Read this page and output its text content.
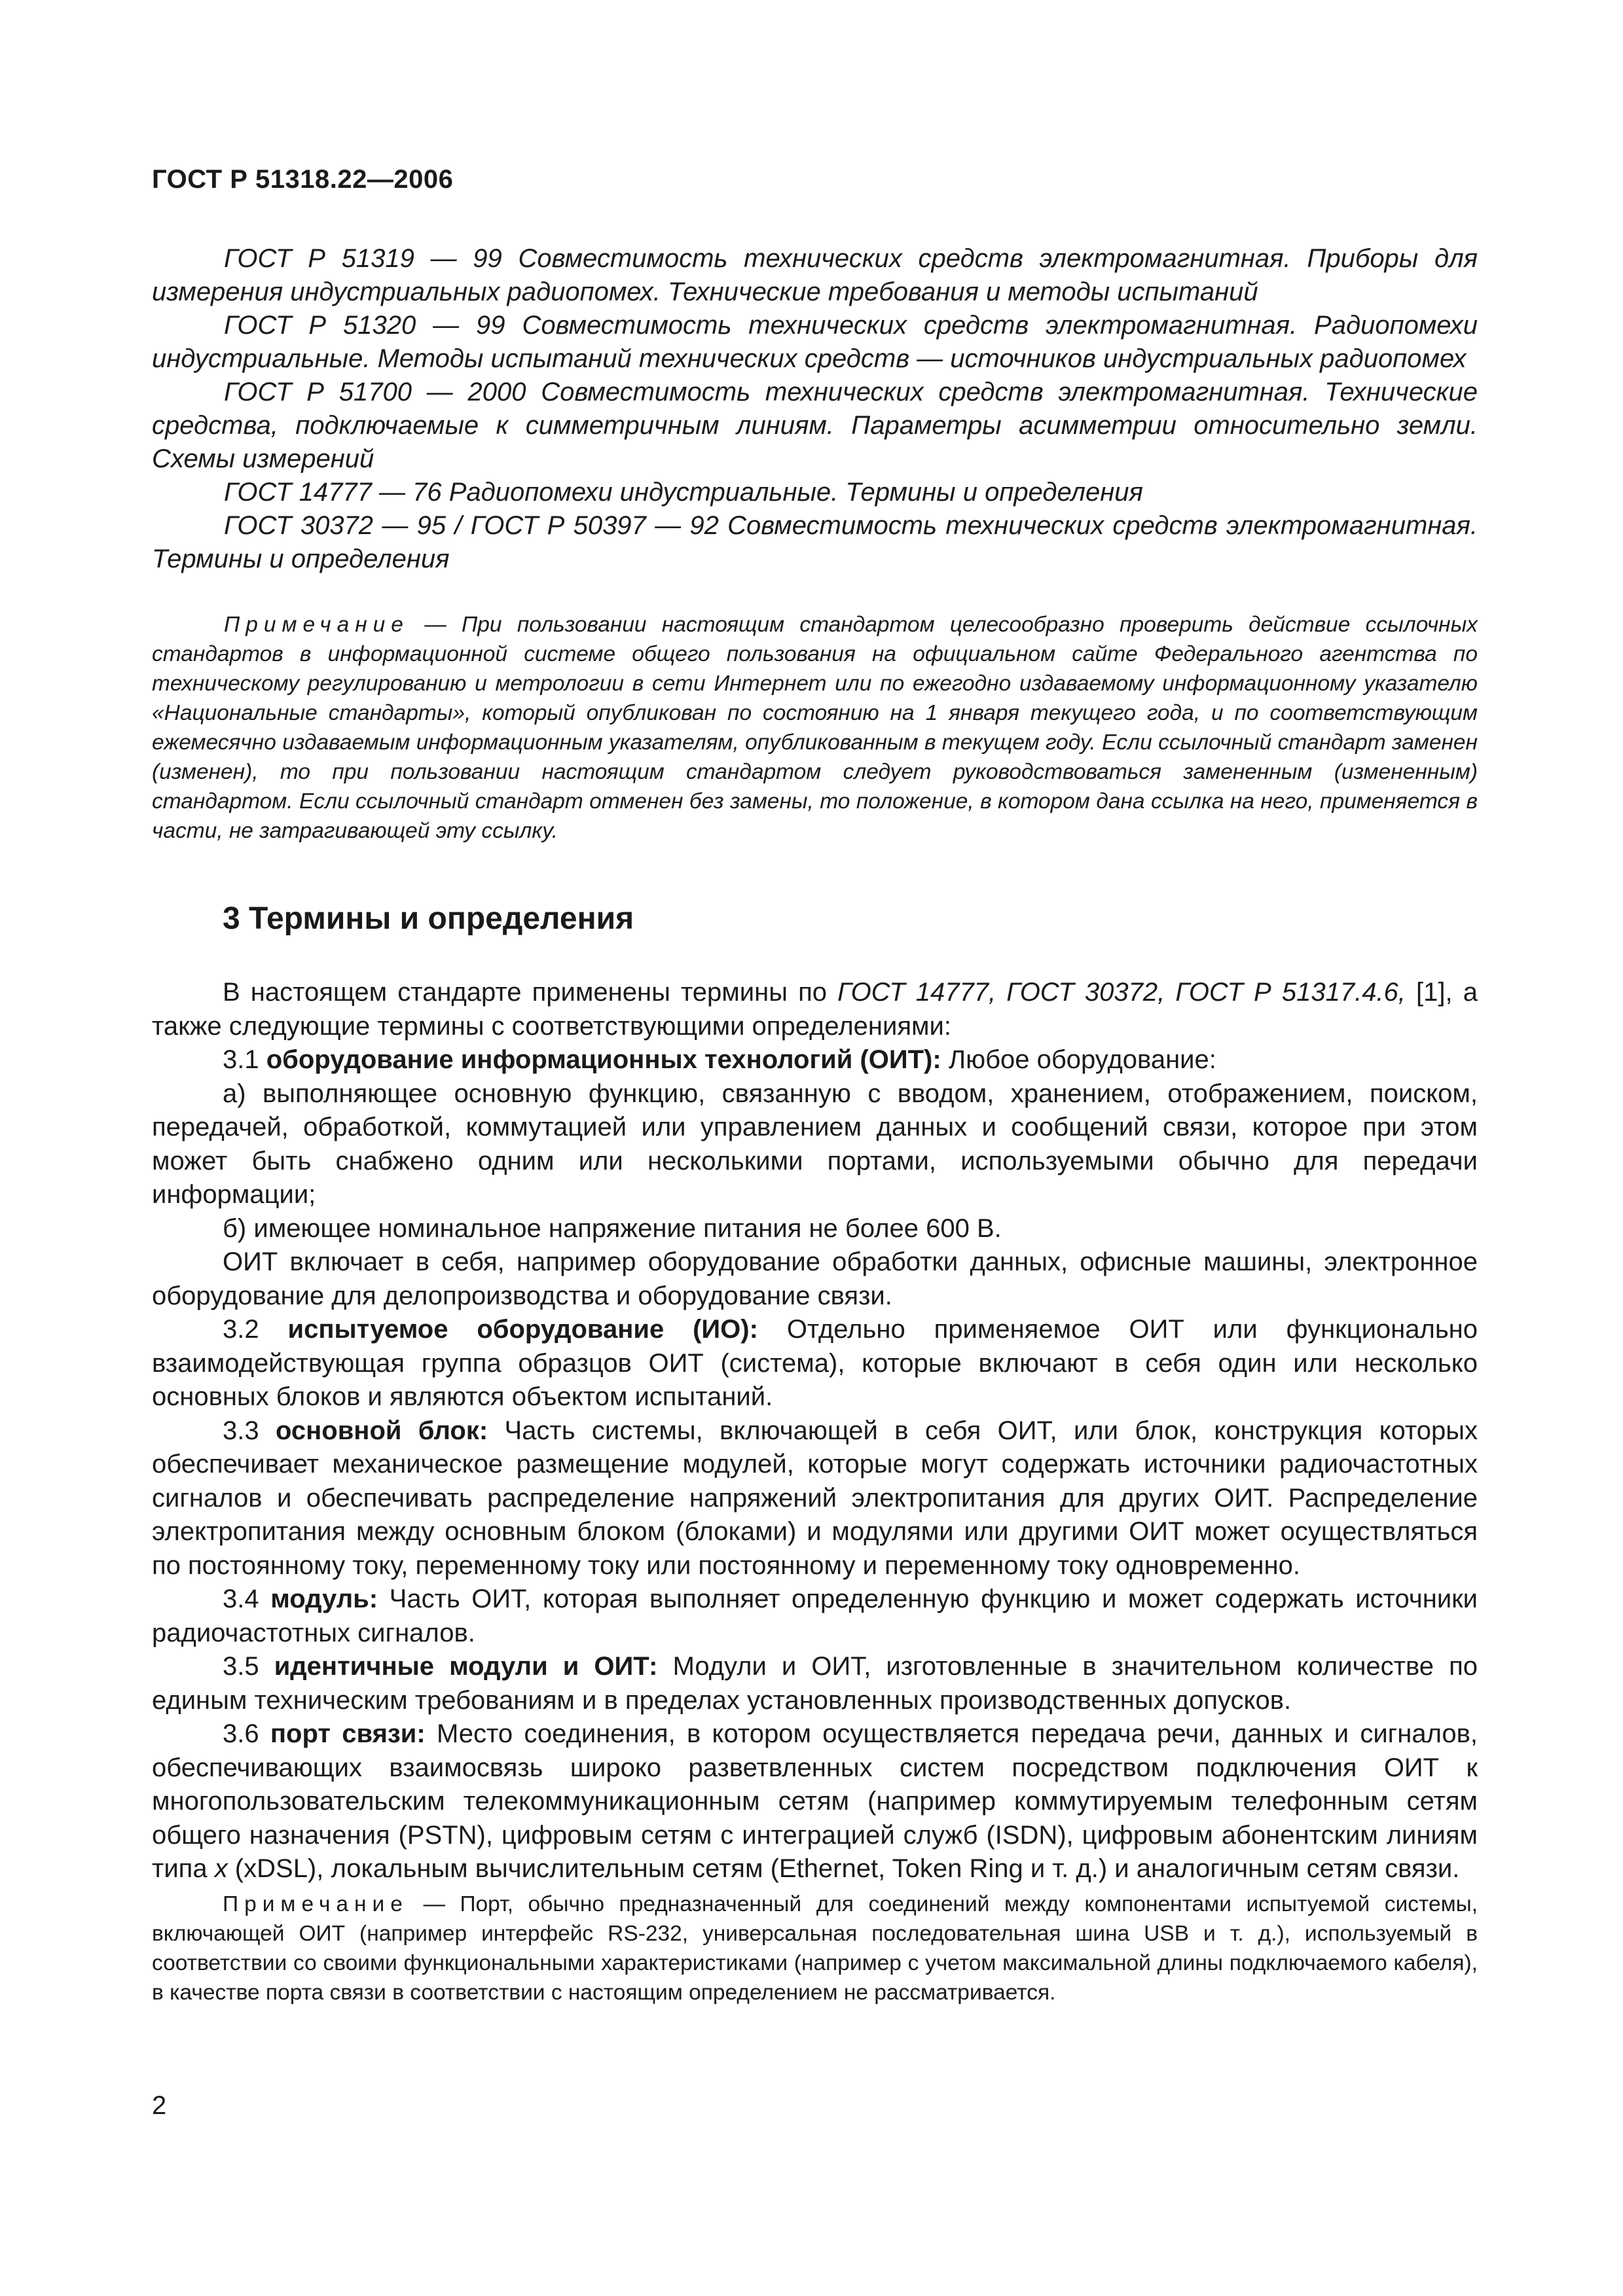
ГОСТ Р 51318.22—2006

ГОСТ Р 51319 — 99 Совместимость технических средств электромагнитная. Приборы для измерения индустриальных радиопомех. Технические требования и методы испытаний

ГОСТ Р 51320 — 99 Совместимость технических средств электромагнитная. Радиопомехи индустриальные. Методы испытаний технических средств — источников индустриальных радиопомех

ГОСТ Р 51700 — 2000 Совместимость технических средств электромагнитная. Технические средства, подключаемые к симметричным линиям. Параметры асимметрии относительно земли. Схемы измерений

ГОСТ 14777 — 76 Радиопомехи индустриальные. Термины и определения

ГОСТ 30372 — 95 / ГОСТ Р 50397 — 92 Совместимость технических средств электромагнитная. Термины и определения

Примечание — При пользовании настоящим стандартом целесообразно проверить действие ссылочных стандартов в информационной системе общего пользования на официальном сайте Федерального агентства по техническому регулированию и метрологии в сети Интернет или по ежегодно издаваемому информационному указателю «Национальные стандарты», который опубликован по состоянию на 1 января текущего года, и по соответствующим ежемесячно издаваемым информационным указателям, опубликованным в текущем году. Если ссылочный стандарт заменен (изменен), то при пользовании настоящим стандартом следует руководствоваться замененным (измененным) стандартом. Если ссылочный стандарт отменен без замены, то положение, в котором дана ссылка на него, применяется в части, не затрагивающей эту ссылку.

3 Термины и определения

В настоящем стандарте применены термины по ГОСТ 14777, ГОСТ 30372, ГОСТ Р 51317.4.6, [1], а также следующие термины с соответствующими определениями:

3.1 оборудование информационных технологий (ОИТ): Любое оборудование:

а) выполняющее основную функцию, связанную с вводом, хранением, отображением, поиском, передачей, обработкой, коммутацией или управлением данных и сообщений связи, которое при этом может быть снабжено одним или несколькими портами, используемыми обычно для передачи информации;

б) имеющее номинальное напряжение питания не более 600 В.

ОИТ включает в себя, например оборудование обработки данных, офисные машины, электронное оборудование для делопроизводства и оборудование связи.

3.2 испытуемое оборудование (ИО): Отдельно применяемое ОИТ или функционально взаимодействующая группа образцов ОИТ (система), которые включают в себя один или несколько основных блоков и являются объектом испытаний.

3.3 основной блок: Часть системы, включающей в себя ОИТ, или блок, конструкция которых обеспечивает механическое размещение модулей, которые могут содержать источники радиочастотных сигналов и обеспечивать распределение напряжений электропитания для других ОИТ. Распределение электропитания между основным блоком (блоками) и модулями или другими ОИТ может осуществляться по постоянному току, переменному току или постоянному и переменному току одновременно.

3.4 модуль: Часть ОИТ, которая выполняет определенную функцию и может содержать источники радиочастотных сигналов.

3.5 идентичные модули и ОИТ: Модули и ОИТ, изготовленные в значительном количестве по единым техническим требованиям и в пределах установленных производственных допусков.

3.6 порт связи: Место соединения, в котором осуществляется передача речи, данных и сигналов, обеспечивающих взаимосвязь широко разветвленных систем посредством подключения ОИТ к многопользовательским телекоммуникационным сетям (например коммутируемым телефонным сетям общего назначения (PSTN), цифровым сетям с интеграцией служб (ISDN), цифровым абонентским линиям типа x (xDSL), локальным вычислительным сетям (Ethernet, Token Ring и т. д.) и аналогичным сетям связи.

Примечание — Порт, обычно предназначенный для соединений между компонентами испытуемой системы, включающей ОИТ (например интерфейс RS-232, универсальная последовательная шина USB и т. д.), используемый в соответствии со своими функциональными характеристиками (например с учетом максимальной длины подключаемого кабеля), в качестве порта связи в соответствии с настоящим определением не рассматривается.

2
